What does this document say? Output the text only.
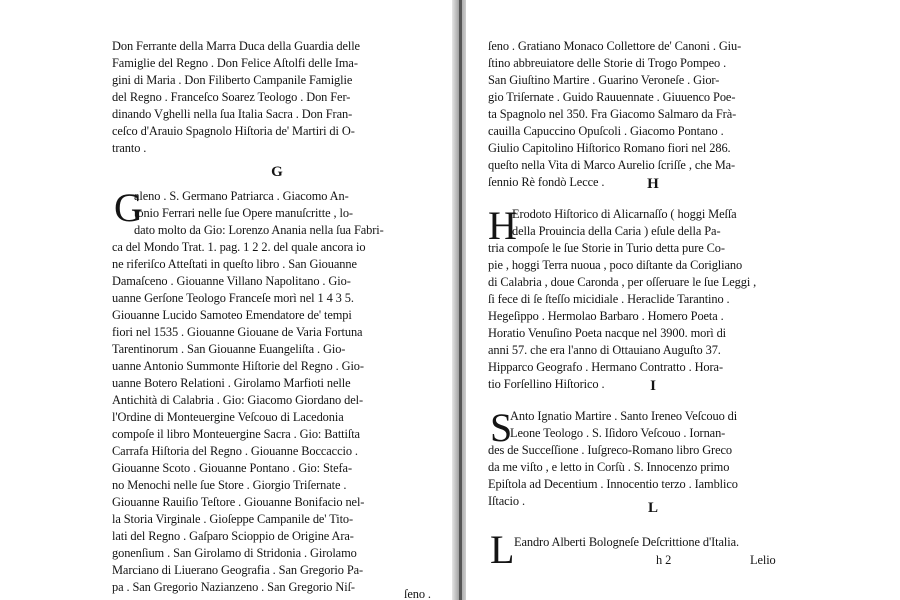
Don Ferrante della Marra Duca della Guardia delle
Famiglie del Regno . Don Felice Aſtolfi delle Ima-
gini di Maria . Don Filiberto Campanile Famiglie
del Regno . Franceſco Soarez Teologo . Don Fer-
dinando Vghelli nella ſua Italia Sacra . Don Fran-
ceſco d'Arauio Spagnolo Hiſtoria de' Martiri di O-
tranto .
G
G
aleno . S. Germano Patriarca . Giacomo An-
tonio Ferrari nelle ſue Opere manuſcritte , lo-
dato molto da Gio: Lorenzo Anania nella ſua Fabri-
ca del Mondo Trat. 1. pag. 1 2 2. del quale ancora io
ne riferiſco Atteſtati in queſto libro . San Giouanne
Damaſceno . Giouanne Villano Napolitano . Gio-
uanne Gerſone Teologo Franceſe morì nel 1 4 3 5.
Giouanne Lucido Samoteo Emendatore de' tempi
fiori nel 1535 . Giouanne Giouane de Varia Fortuna
Tarentinorum . San Giouanne Euangeliſta . Gio-
uanne Antonio Summonte Hiſtorie del Regno . Gio-
uanne Botero Relationi . Girolamo Marfioti nelle
Antichità di Calabria . Gio: Giacomo Giordano del-
l'Ordine di Monteuergine Veſcouo di Lacedonia
compoſe il libro Monteuergine Sacra . Gio: Battiſta
Carrafa Hiſtoria del Regno . Giouanne Boccaccio .
Giouanne Scoto . Giouanne Pontano . Gio: Stefa-
no Menochi nelle ſue Store . Giorgio Triſernate .
Giouanne Rauiſio Teſtore . Giouanne Bonifacio nel-
la Storia Virginale . Gioſeppe Campanile de' Tito-
lati del Regno . Gaſparo Scioppio de Origine Ara-
gonenſium . San Girolamo di Stridonia . Girolamo
Marciano di Liuerano Geografia . San Gregorio Pa-
pa . San Gregorio Nazianzeno . San Gregorio Niſ-	ſeno .
ſeno . Gratiano Monaco Collettore de' Canoni . Giu-
ſtino abbreuiatore delle Storie di Trogo Pompeo .
San Giuſtino Martire . Guarino Veroneſe . Gior-
gio Triſernate . Guido Rauuennate . Giuuenco Poe-
ta Spagnolo nel 350. Fra Giacomo Salmaro da Frà-
cauilla Capuccino Opuſcoli . Giacomo Pontano .
Giulio Capitolino Hiſtorico Romano fiori nel 286.
queſto nella Vita di Marco Aurelio ſcriſſe , che Ma-
ſennio Rè fondò Lecce .	H
H
Erodoto Hiſtorico di Alicarnaſſo ( hoggi Meſſa
della Prouincia della Caria ) eſule della Pa-
tria compoſe le ſue Storie in Turio detta pure Co-
pie , hoggi Terra nuoua , poco diſtante da Corigliano
di Calabria , doue Caronda , per oſſeruare le ſue Leggi ,
ſi fece di ſe ſteſſo micidiale . Heraclide Tarantino .
Hegeſippo . Hermolao Barbaro . Homero Poeta .
Horatio Venuſino Poeta nacque nel 3900. morì di
anni 57. che era l'anno di Ottauiano Auguſto 37.
Hipparco Geografo . Hermano Contratto . Hora-
tio Forſellino Hiſtorico .	I
S
Anto Ignatio Martire . Santo Ireneo Veſcouo di
Leone Teologo . S. Iſidoro Veſcouo . Iornan-
des de Succeſſione . Iuſgreco-Romano libro Greco
da me viſto , e letto in Corſù . S. Innocenzo primo
Epiſtola ad Decentium . Innocentio terzo . Iamblico
Iſtacio .	L
L Eandro Alberti Bologneſe Deſcrittione d'Italia.
h 2	Lelio
